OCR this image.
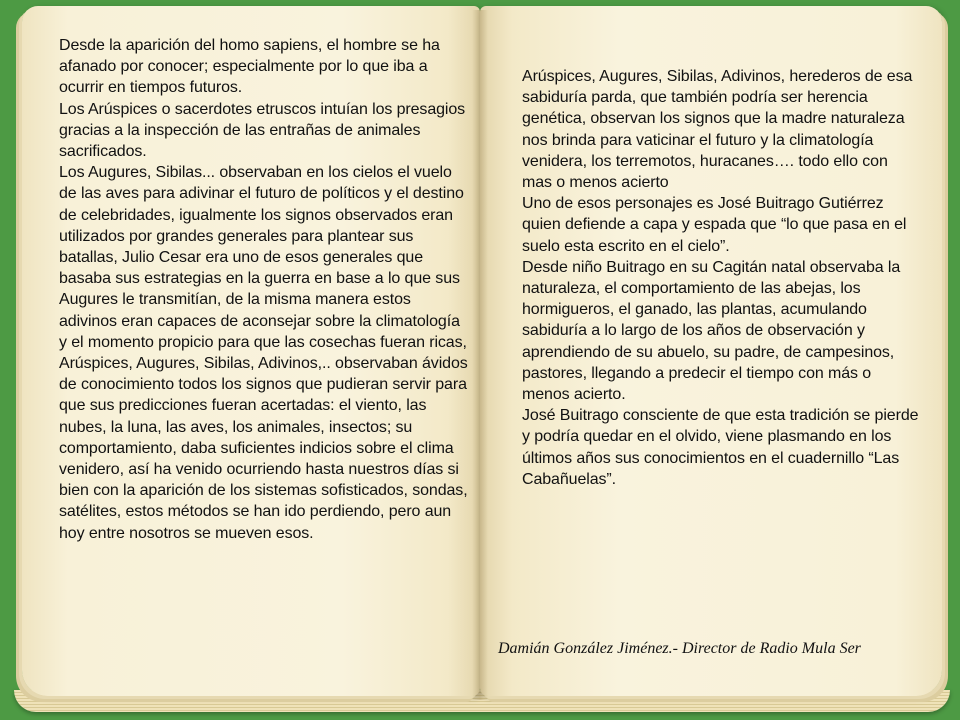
Desde la aparición del homo sapiens, el hombre se ha afanado por conocer; especialmente por lo que iba a ocurrir en tiempos futuros.

Los Arúspices o sacerdotes etruscos intuían los presagios gracias a la inspección de las entrañas de animales sacrificados.

Los Augures, Sibilas... observaban en los cielos el vuelo de las aves para adivinar el futuro de políticos y el destino de celebridades, igualmente los signos observados eran utilizados por grandes generales para plantear sus batallas, Julio Cesar era uno de esos generales que basaba sus estrategias en la guerra en base a lo que sus Augures le transmitían, de la misma manera estos adivinos eran capaces de aconsejar sobre la climatología y el momento propicio para que las cosechas fueran ricas, Arúspices, Augures, Sibilas, Adivinos,.. observaban ávidos de conocimiento todos los signos que pudieran servir para que sus predicciones fueran acertadas: el viento, las nubes, la luna, las aves, los animales, insectos; su comportamiento, daba suficientes indicios sobre el clima venidero, así ha venido ocurriendo hasta nuestros días si bien con la aparición de los sistemas sofisticados, sondas, satélites, estos métodos se han ido perdiendo, pero aun hoy entre nosotros se mueven esos.

Arúspices, Augures, Sibilas, Adivinos, herederos de esa sabiduría parda, que también podría ser herencia genética, observan los signos que la madre naturaleza nos brinda para vaticinar el futuro y la climatología venidera, los terremotos, huracanes…. todo ello con mas o menos acierto

Uno de esos personajes es José Buitrago Gutiérrez quien defiende a capa y espada que “lo que pasa en el suelo esta escrito en el cielo”.

Desde niño Buitrago en su Cagitán natal observaba la naturaleza, el comportamiento de las abejas, los hormigueros, el ganado, las plantas, acumulando sabiduría a lo largo de los años de observación y aprendiendo de su abuelo, su padre, de campesinos, pastores, llegando a predecir el tiempo con más o menos acierto.

José Buitrago consciente de que esta tradición se pierde y podría quedar en el olvido, viene plasmando en los últimos años sus conocimientos en el cuadernillo “Las Cabañuelas”.

Damián González Jiménez.- Director de Radio Mula Ser
